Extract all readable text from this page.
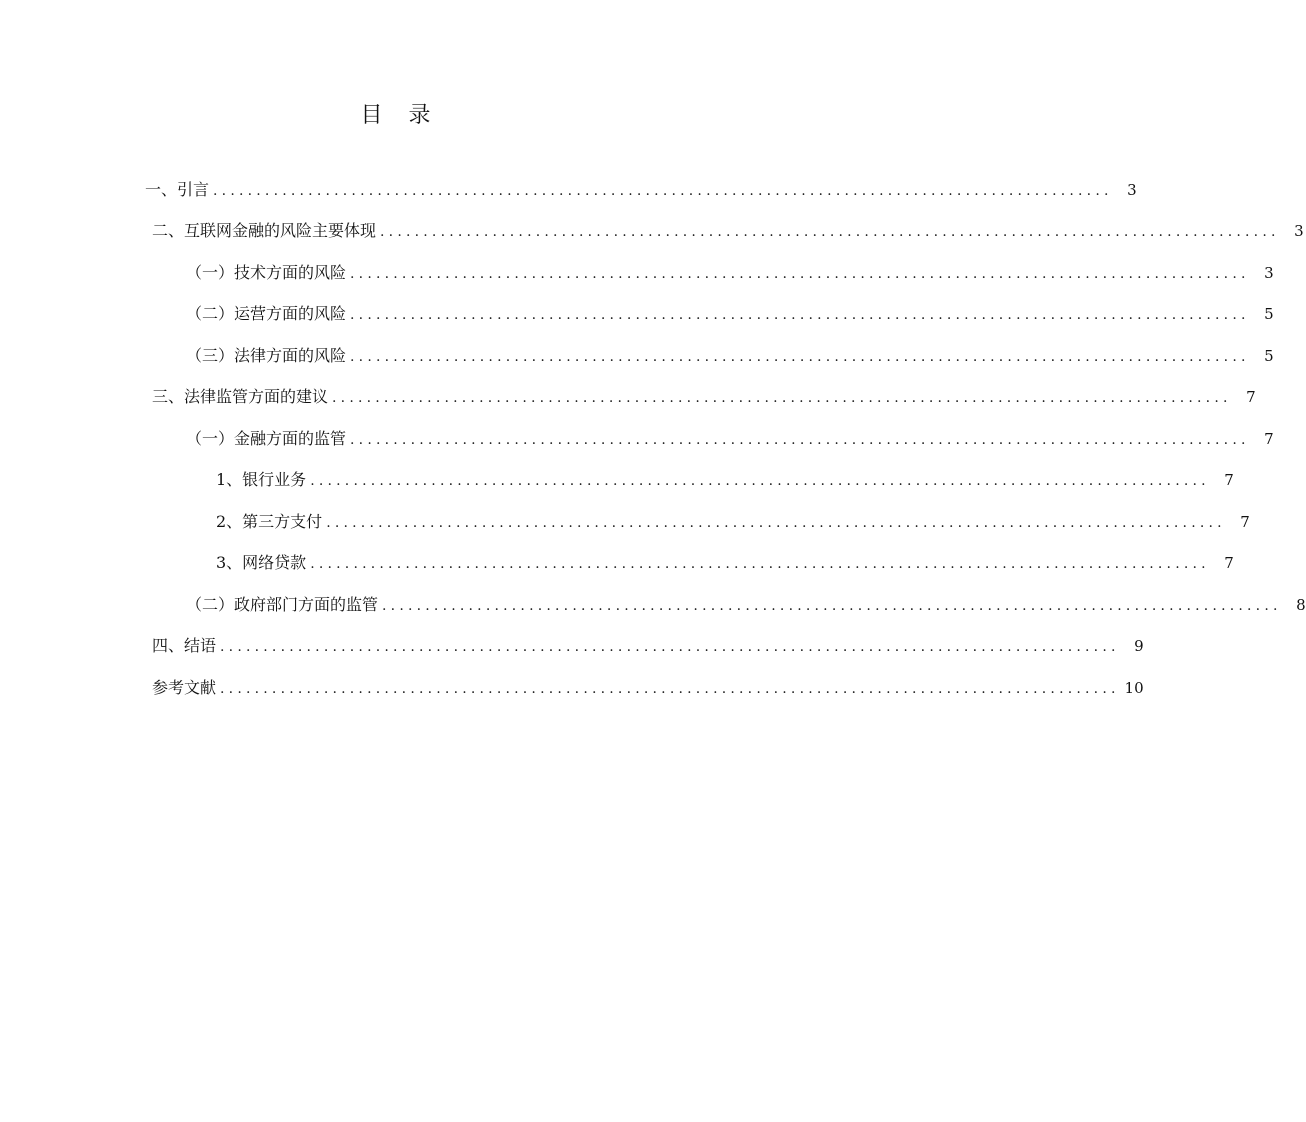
目 录
一、引言 ........................................................................................................ 3
二、互联网金融的风险主要体现 ........................................................................................................ 3
（一）技术方面的风险 ........................................................................................................ 3
（二）运营方面的风险 ........................................................................................................ 5
（三）法律方面的风险 ........................................................................................................ 5
三、法律监管方面的建议 ........................................................................................................ 7
（一）金融方面的监管 ........................................................................................................ 7
1、银行业务 ........................................................................................................ 7
2、第三方支付 ........................................................................................................ 7
3、网络贷款 ........................................................................................................ 7
（二）政府部门方面的监管 ........................................................................................................ 8
四、结语 ........................................................................................................ 9
参考文献 ........................................................................................................ 10
